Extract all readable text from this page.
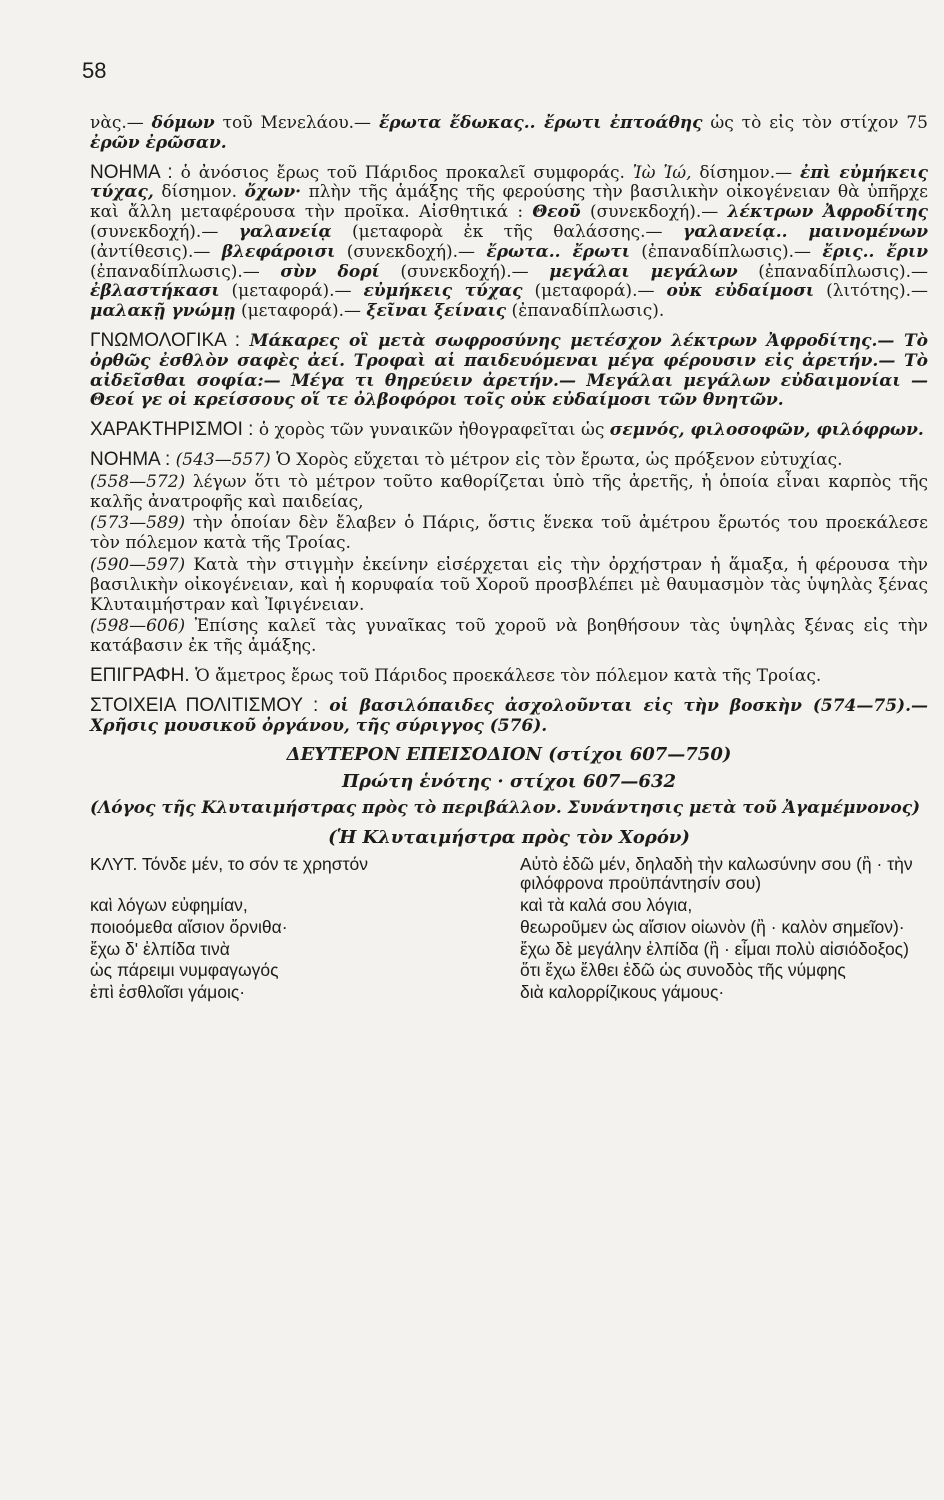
58

νὰς.— δόμων τοῦ Μενελάου.— ἔρωτα ἔδωκας.. ἔρωτι ἐπτοάθης ὡς τὸ εἰς τὸν στίχον 75 ἐρῶν ἐρῶσαν.

ΝΟΗΜΑ : ὁ ἀνόσιος ἔρως τοῦ Πάριδος προκαλεῖ συμφοράς. Ἰὼ Ἰώ, δίσημον.— ἐπὶ εὐμήκεις τύχας, δίσημον. ὄχων· πλὴν τῆς ἁμάξης τῆς φερούσης τὴν βασιλικὴν οἰκογένειαν θὰ ὑπῆρχε καὶ ἄλλη μεταφέρουσα τὴν προῖκα. Αἰσθητικά : Θεοῦ (συνεκδοχή).— λέκτρων Ἀφροδίτης (συνεκδοχή).— γαλανείᾳ (μεταφορὰ ἐκ τῆς θαλάσσης.— γαλανείᾳ.. μαινομένων (ἀντίθεσις).— βλεφάροισι (συνεκδοχή).— ἔρωτα.. ἔρωτι (ἐπαναδίπλωσις).— ἔρις.. ἔριν (ἐπαναδίπλωσις).— σὺν δορί (συνεκδοχή).— μεγάλαι μεγάλων (ἐπαναδίπλωσις).— ἐβλαστήκασι (μεταφορά).— εὐμήκεις τύχας (μεταφορά).— οὐκ εὐδαίμοσι (λιτότης).— μαλακῇ γνώμῃ (μεταφορά).— ξεῖναι ξείναις (ἐπαναδίπλωσις).

ΓΝΩΜΟΛΟΓΙΚΑ : Μάκαρες οἳ μετὰ σωφροσύνης μετέσχον λέκτρων Ἀφροδίτης.— Τὸ ὀρθῶς ἐσθλὸν σαφὲς ἀεί. Τροφαὶ αἱ παιδευόμεναι μέγα φέρουσιν εἰς ἀρετήν.— Τὸ αἰδεῖσθαι σοφία:— Μέγα τι θηρεύειν ἀρετήν.— Μεγάλαι μεγάλων εὐδαιμονίαι — Θεοί γε οἱ κρείσσους οἵ τε ὀλβοφόροι τοῖς οὐκ εὐδαίμοσι τῶν θνητῶν.

ΧΑΡΑΚΤΗΡΙΣΜΟΙ : ὁ χορὸς τῶν γυναικῶν ἠθογραφεῖται ὡς σεμνός, φιλοσοφῶν, φιλόφρων.

ΝΟΗΜΑ : (543—557) Ὁ Χορὸς εὔχεται τὸ μέτρον εἰς τὸν ἔρωτα, ὡς πρόξενον εὐτυχίας.

(558—572) λέγων ὅτι τὸ μέτρον τοῦτο καθορίζεται ὑπὸ τῆς ἀρετῆς, ἡ ὁποία εἶναι καρπὸς τῆς καλῆς ἀνατροφῆς καὶ παιδείας,

(573—589) τὴν ὁποίαν δὲν ἔλαβεν ὁ Πάρις, ὅστις ἕνεκα τοῦ ἀμέτρου ἔρωτός του προεκάλεσε τὸν πόλεμον κατὰ τῆς Τροίας.

(590—597) Κατὰ τὴν στιγμὴν ἐκείνην εἰσέρχεται εἰς τὴν ὀρχήστραν ἡ ἅμαξα, ἡ φέρουσα τὴν βασιλικὴν οἰκογένειαν, καὶ ἡ κορυφαία τοῦ Χοροῦ προσβλέπει μὲ θαυμασμὸν τὰς ὑψηλὰς ξένας Κλυταιμήστραν καὶ Ἰφιγένειαν.

(598—606) Ἐπίσης καλεῖ τὰς γυναῖκας τοῦ χοροῦ νὰ βοηθήσουν τὰς ὑψηλὰς ξένας εἰς τὴν κατάβασιν ἐκ τῆς ἁμάξης.

ΕΠΙΓΡΑΦΗ. Ὁ ἄμετρος ἔρως τοῦ Πάριδος προεκάλεσε τὸν πόλεμον κατὰ τῆς Τροίας.

ΣΤΟΙΧΕΙΑ ΠΟΛΙΤΙΣΜΟΥ : οἱ βασιλόπαιδες ἀσχολοῦνται εἰς τὴν βοσκὴν (574—75).— Χρῆσις μουσικοῦ ὀργάνου, τῆς σύριγγος (576).

ΔΕΥΤΕΡΟΝ ΕΠΕΙΣΟΔΙΟΝ (στίχοι 607—750)
Πρώτη ἑνότης · στίχοι 607—632

(Λόγος τῆς Κλυταιμήστρας πρὸς τὸ περιβάλλον. Συνάντησις μετὰ τοῦ Ἀγαμέμνονος)

(Ἡ Κλυταιμήστρα πρὸς τὸν Χορόν)
ΚΛΥΤ. Τόνδε μέν, το σόν τε χρηστόν	Αὐτὸ ἐδῶ μέν, δηλαδὴ τὴν καλωσύνην σου (ἢ · τὴν φιλόφρονα προϋπάντησίν σου)
καὶ λόγων εὐφημίαν,	καὶ τὰ καλά σου λόγια,
ποιοόμεθα αἴσιον ὄρνιθα·	θεωροῦμεν ὡς αἴσιον οἰωνὸν (ἢ · καλὸν σημεῖον)·
ἔχω δ' ἐλπίδα τινὰ	ἔχω δὲ μεγάλην ἐλπίδα (ἢ · εἶμαι πολὺ αἰσιόδοξος)
ὡς πάρειμι νυμφαγωγός	ὅτι ἔχω ἔλθει ἐδῶ ὡς συνοδὸς τῆς νύμφης
ἐπὶ ἐσθλοῖσι γάμοις·	διὰ καλορρίζικους γάμους·
